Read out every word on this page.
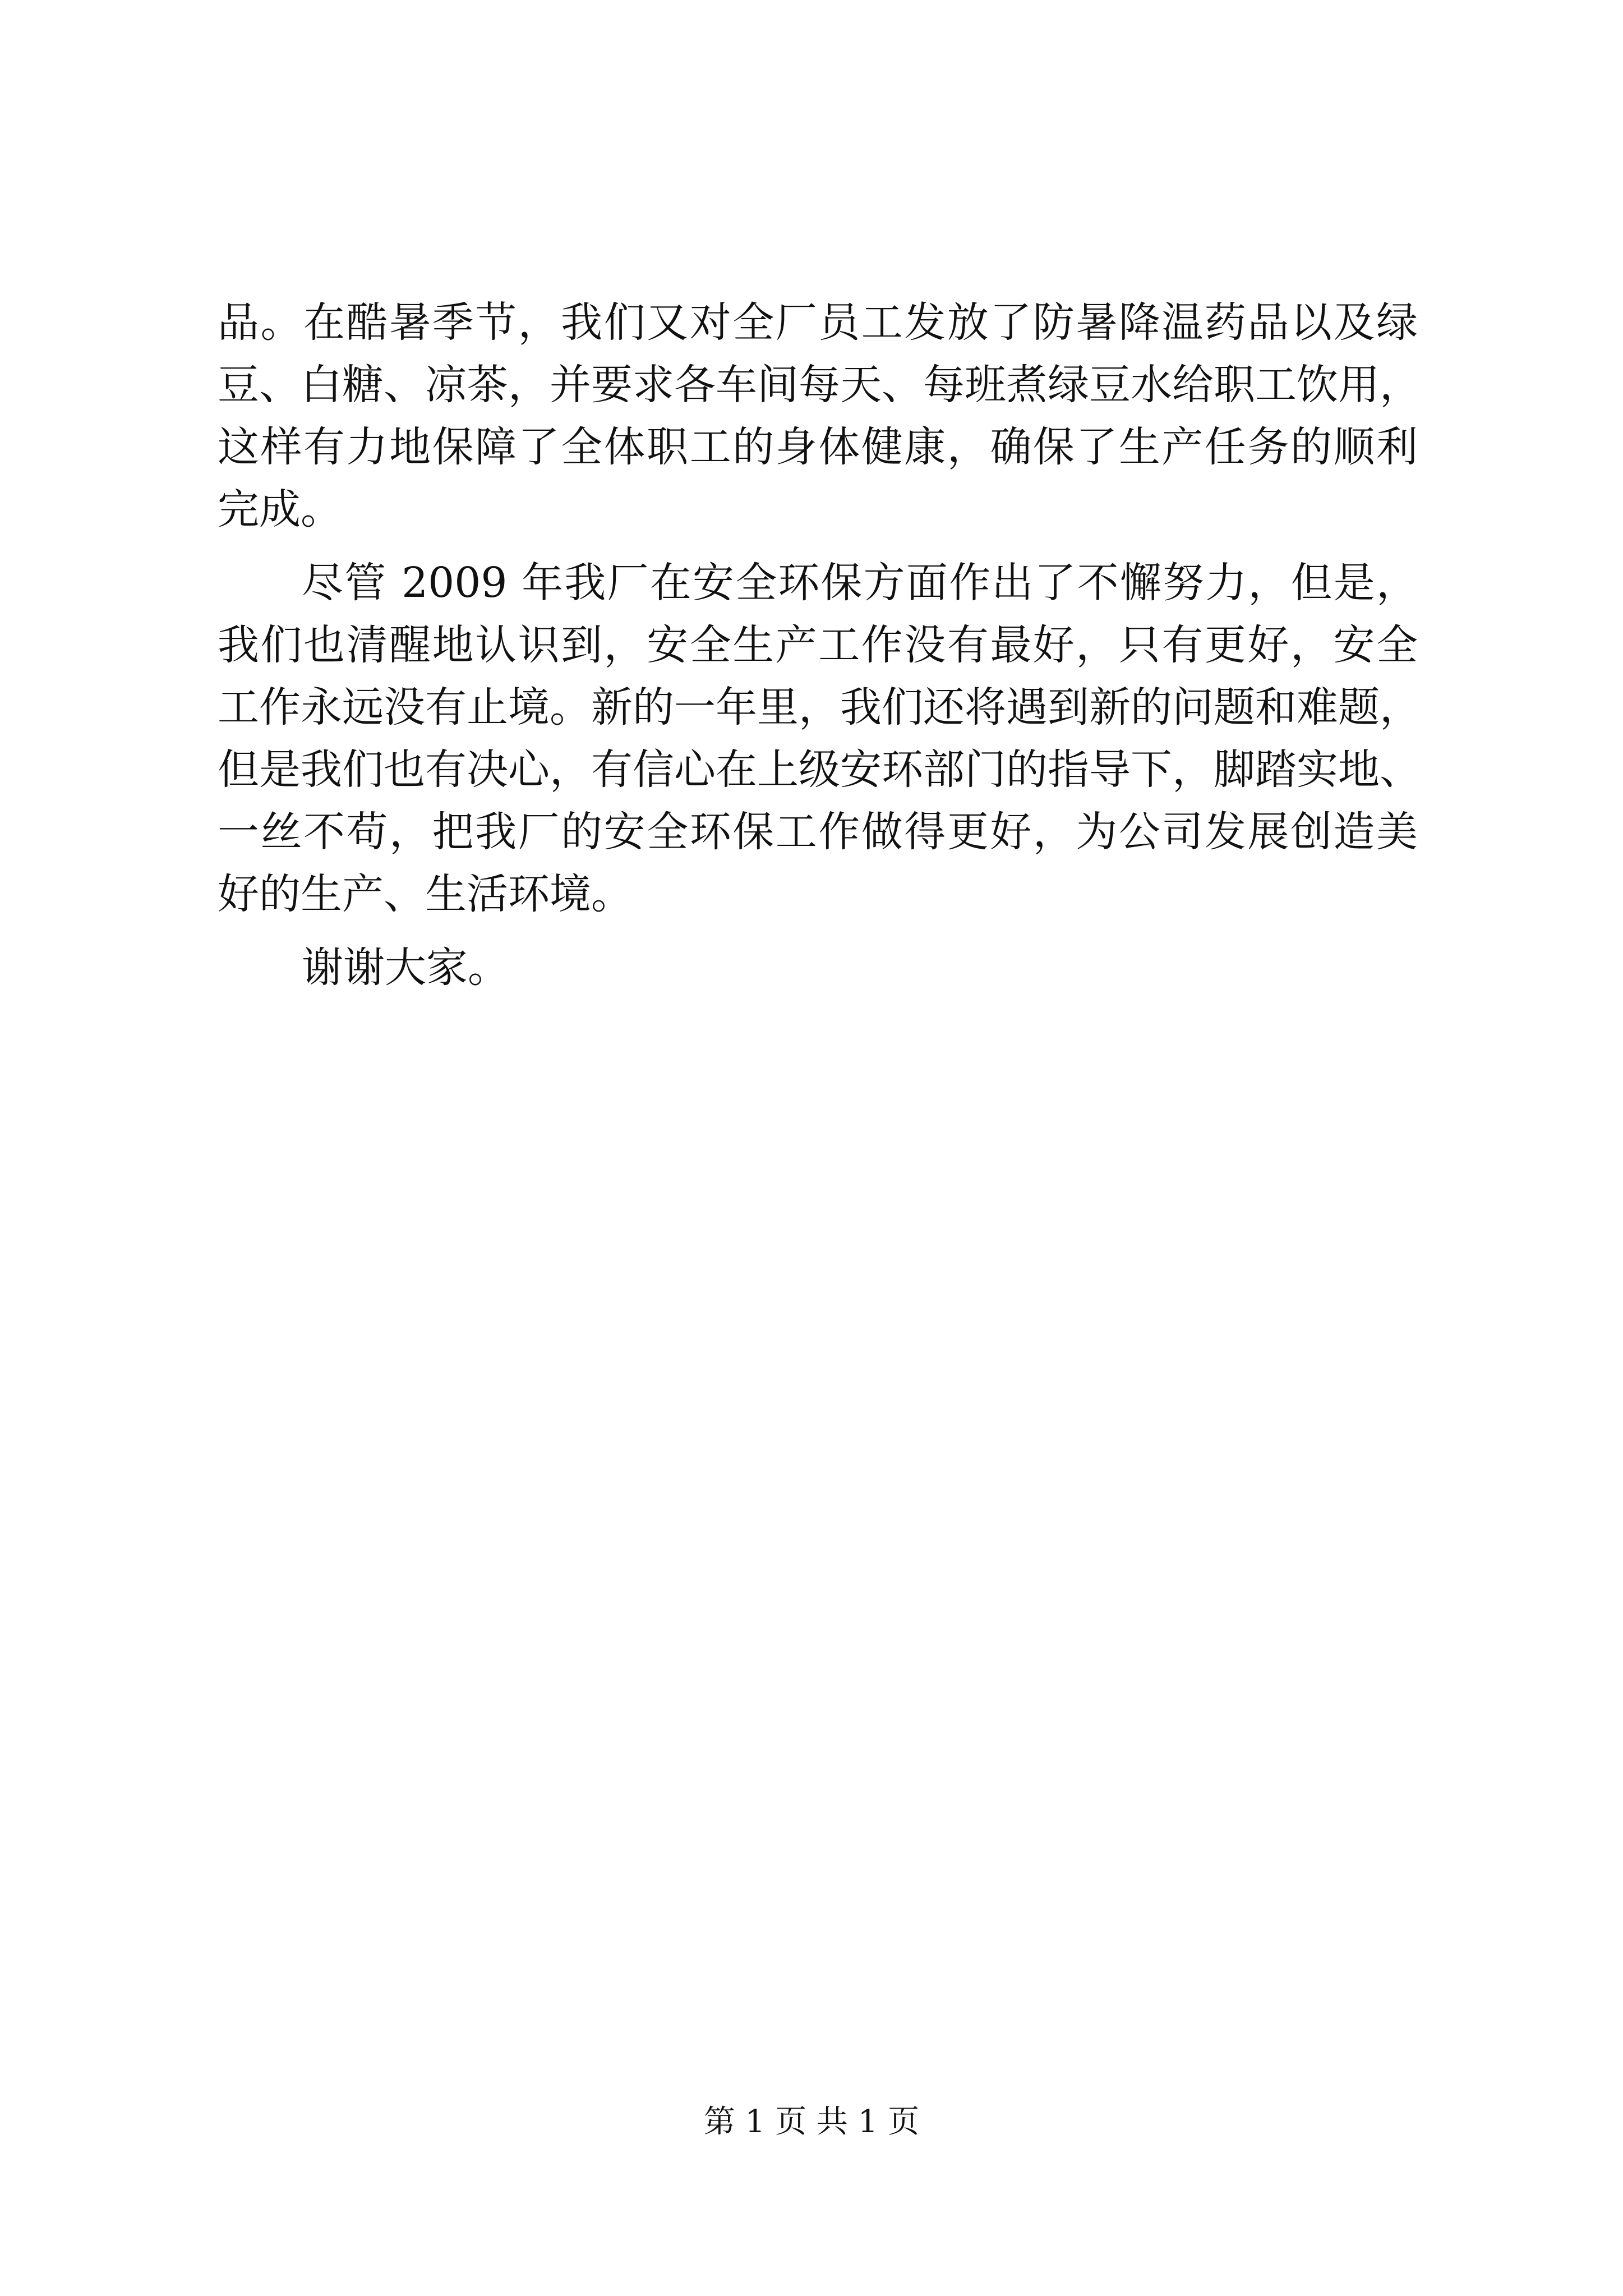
品。在酷暑季节，我们又对全厂员工发放了防暑降温药品以及绿
豆、白糖、凉茶，并要求各车间每天、每班煮绿豆水给职工饮用，
这样有力地保障了全体职工的身体健康，确保了生产任务的顺利
完成。
尽管 2009 年我厂在安全环保方面作出了不懈努力，但是，
我们也清醒地认识到，安全生产工作没有最好，只有更好，安全
工作永远没有止境。新的一年里，我们还将遇到新的问题和难题，
但是我们也有决心，有信心在上级安环部门的指导下，脚踏实地、
一丝不苟，把我厂的安全环保工作做得更好，为公司发展创造美
好的生产、生活环境。
谢谢大家。
第 1 页 共 1 页
